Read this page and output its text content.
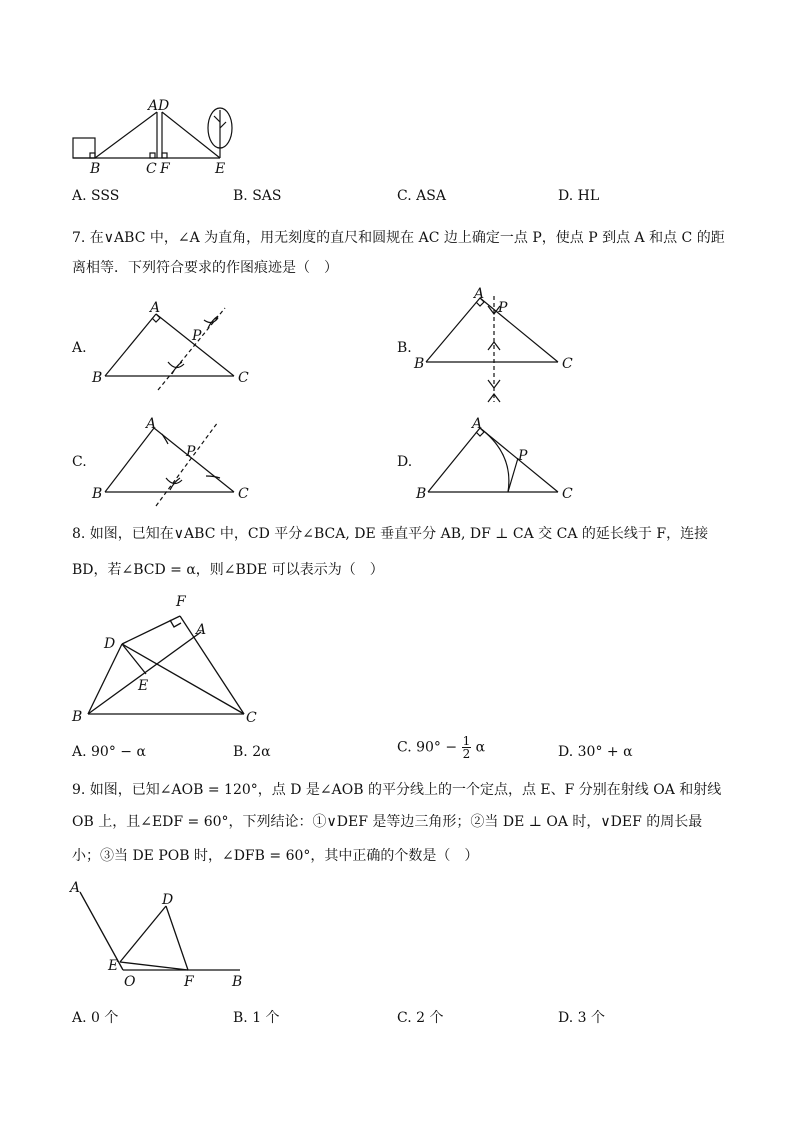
A D
B	C F	E
A. SSS	B. SAS	C. ASA	D. HL
7. 在∨ABC 中，∠A 为直角，用无刻度的直尺和圆规在 AC 边上确定一点 P，使点 P 到点 A 和点 C 的距
离相等．下列符合要求的作图痕迹是（　）
A.
A
P
B	C
B.
A
P
B	C
C.
A
P
B	C
D.
A
P
B	C
8. 如图，已知在∨ABC 中，CD 平分∠BCA, DE 垂直平分 AB, DF ⊥ CA 交 CA 的延长线于 F，连接
BD，若∠BCD = α，则∠BDE 可以表示为（　）
F
D
A
E
B	C
A. 90° − α	B. 2α	C. $90^\circ - \frac{1}{2}$ α	D. 30° + α
9. 如图，已知∠AOB = 120°，点 D 是∠AOB 的平分线上的一个定点，点 E、F 分别在射线 OA 和射线
OB 上，且∠EDF = 60°，下列结论：①∨DEF 是等边三角形；②当 DE ⊥ OA 时，∨DEF 的周长最
小；③当 DE POB 时，∠DFB = 60°，其中正确的个数是（　）
A
D
E
O	F	B
A. 0 个	B. 1 个	C. 2 个	D. 3 个
